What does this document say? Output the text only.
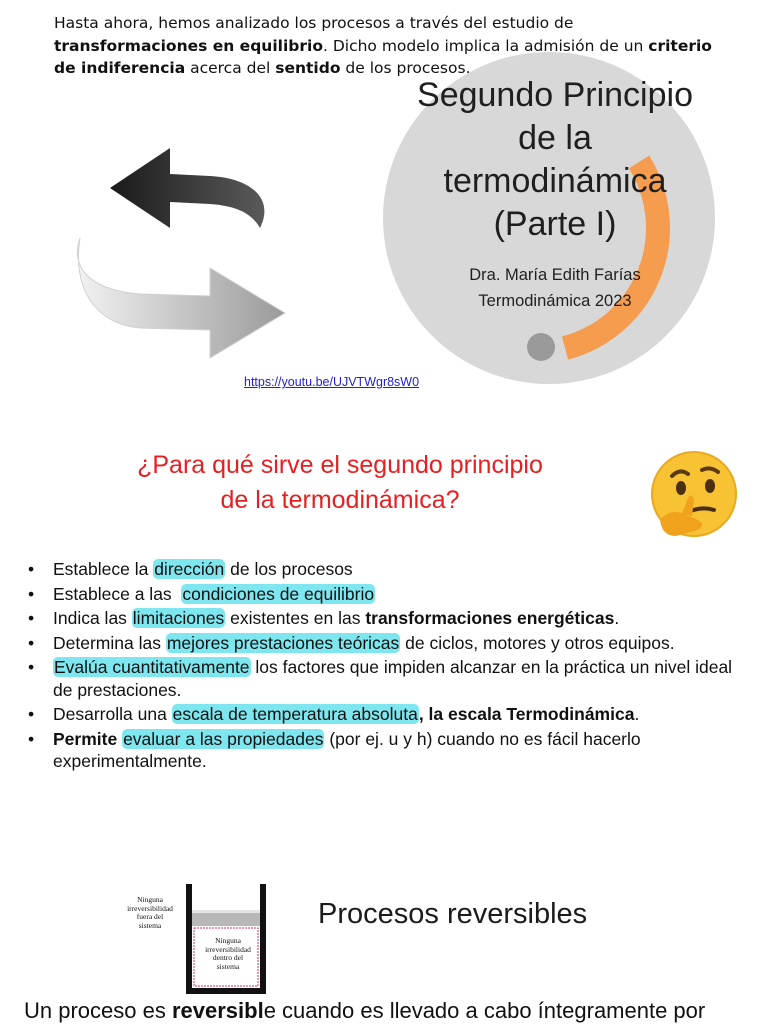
Hasta ahora, hemos analizado los procesos a través del estudio de transformaciones en equilibrio. Dicho modelo implica la admisión de un criterio de indiferencia acerca del sentido de los procesos.
Segundo Principio
de la
termodinámica
(Parte I)
Dra. María Edith Farías
Termodinámica 2023
https://youtu.be/UJVTWgr8sW0
¿Para qué sirve el segundo principio
de la termodinámica?
• Establece la dirección de los procesos
• Establece a las  condiciones de equilibrio
• Indica las limitaciones existentes en las transformaciones energéticas.
• Determina las mejores prestaciones teóricas de ciclos, motores y otros equipos.
• Evalúa cuantitativamente los factores que impiden alcanzar en la práctica un nivel ideal de prestaciones.
• Desarrolla una escala de temperatura absoluta, la escala Termodinámica.
• Permite evaluar a las propiedades (por ej. u y h) cuando no es fácil hacerlo experimentalmente.
Ninguna
irreversibilidad
fuera del
sistema
Ninguna
irreversibilidad
dentro del
sistema
Procesos reversibles
Un proceso es reversible cuando es llevado a cabo íntegramente por
